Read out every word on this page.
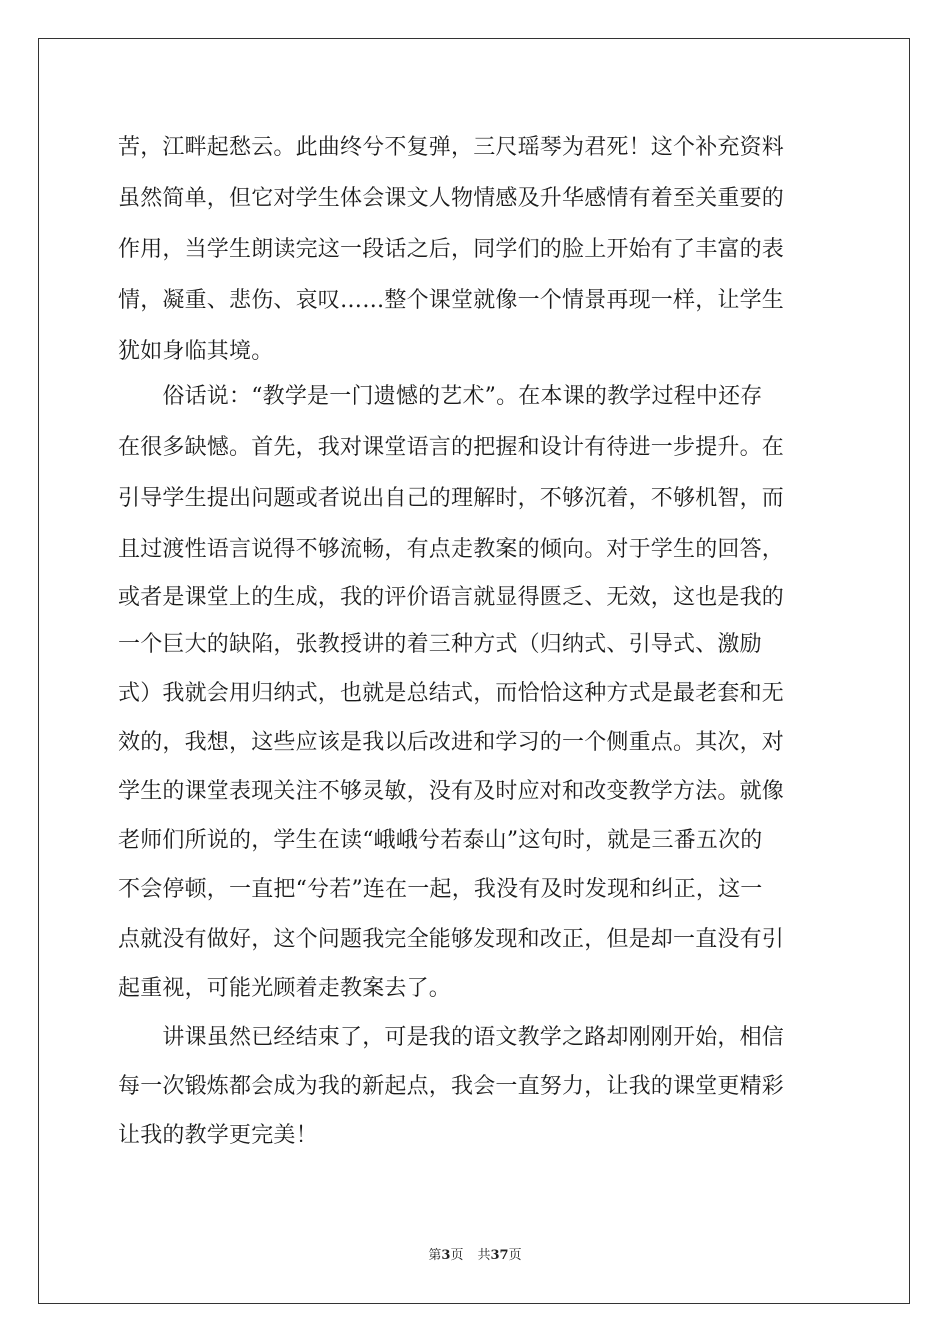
苦，江畔起愁云。此曲终兮不复弹，三尺瑶琴为君死！这个补充资料

虽然简单，但它对学生体会课文人物情感及升华感情有着至关重要的

作用，当学生朗读完这一段话之后，同学们的脸上开始有了丰富的表

情，凝重、悲伤、哀叹……整个课堂就像一个情景再现一样，让学生

犹如身临其境。

　　俗话说：“教学是一门遗憾的艺术”。在本课的教学过程中还存

在很多缺憾。首先，我对课堂语言的把握和设计有待进一步提升。在

引导学生提出问题或者说出自己的理解时，不够沉着，不够机智，而

且过渡性语言说得不够流畅，有点走教案的倾向。对于学生的回答，

或者是课堂上的生成，我的评价语言就显得匮乏、无效，这也是我的

一个巨大的缺陷，张教授讲的着三种方式（归纳式、引导式、激励

式）我就会用归纳式，也就是总结式，而恰恰这种方式是最老套和无

效的，我想，这些应该是我以后改进和学习的一个侧重点。其次，对

学生的课堂表现关注不够灵敏，没有及时应对和改变教学方法。就像

老师们所说的，学生在读“峨峨兮若泰山”这句时，就是三番五次的

不会停顿，一直把“兮若”连在一起，我没有及时发现和纠正，这一

点就没有做好，这个问题我完全能够发现和改正，但是却一直没有引

起重视，可能光顾着走教案去了。

　　讲课虽然已经结束了，可是我的语文教学之路却刚刚开始，相信

每一次锻炼都会成为我的新起点，我会一直努力，让我的课堂更精彩

让我的教学更完美！

第3页 共37页
